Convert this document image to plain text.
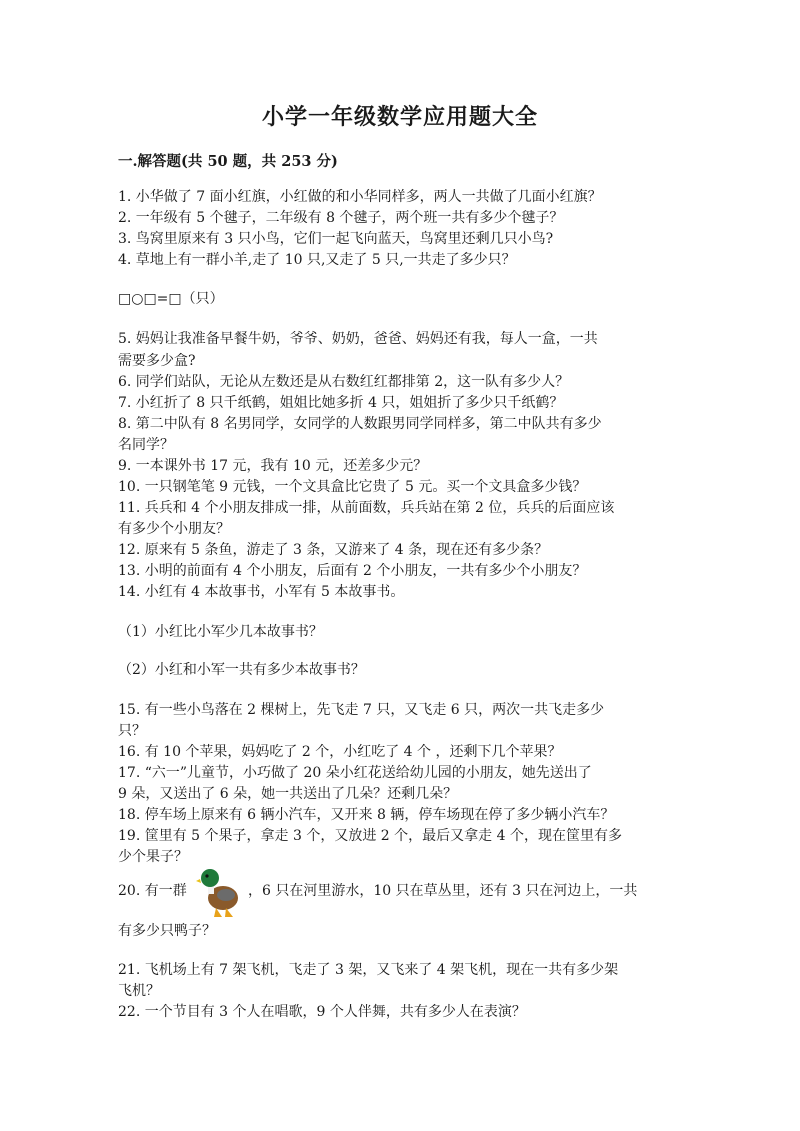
小学一年级数学应用题大全
一.解答题(共 50 题，共 253 分)
1. 小华做了 7 面小红旗，小红做的和小华同样多，两人一共做了几面小红旗？
2. 一年级有 5 个毽子，二年级有 8 个毽子，两个班一共有多少个毽子？
3. 鸟窝里原来有 3 只小鸟，它们一起飞向蓝天，鸟窝里还剩几只小鸟?
4. 草地上有一群小羊,走了 10 只,又走了 5 只,一共走了多少只？
□○□=□（只）
5. 妈妈让我准备早餐牛奶，爷爷、奶奶，爸爸、妈妈还有我，每人一盒，一共
需要多少盒?
6. 同学们站队，无论从左数还是从右数红红都排第 2，这一队有多少人？
7. 小红折了 8 只千纸鹤，姐姐比她多折 4 只，姐姐折了多少只千纸鹤？
8. 第二中队有 8 名男同学，女同学的人数跟男同学同样多，第二中队共有多少
名同学？
9. 一本课外书 17 元，我有 10 元，还差多少元？
10. 一只钢笔笔 9 元钱，一个文具盒比它贵了 5 元。买一个文具盒多少钱？
11. 兵兵和 4 个小朋友排成一排，从前面数，兵兵站在第 2 位，兵兵的后面应该
有多少个小朋友？
12. 原来有 5 条鱼，游走了 3 条，又游来了 4 条，现在还有多少条？
13. 小明的前面有 4 个小朋友，后面有 2 个小朋友，一共有多少个小朋友？
14. 小红有 4 本故事书，小军有 5 本故事书。
（1）小红比小军少几本故事书？
（2）小红和小军一共有多少本故事书？
15. 有一些小鸟落在 2 棵树上，先飞走 7 只，又飞走 6 只，两次一共飞走多少
只？
16. 有 10 个苹果，妈妈吃了 2 个，小红吃了 4 个 ，还剩下几个苹果？
17. “六一”儿童节，小巧做了 20 朵小红花送给幼儿园的小朋友，她先送出了
9 朵，又送出了 6 朵，她一共送出了几朵？还剩几朵？
18. 停车场上原来有 6 辆小汽车，又开来 8 辆，停车场现在停了多少辆小汽车？
19. 筐里有 5 个果子，拿走 3 个，又放进 2 个，最后又拿走 4 个，现在筐里有多
少个果子？
20. 有一群	，6 只在河里游水，10 只在草丛里，还有 3 只在河边上，一共
有多少只鸭子？
21. 飞机场上有 7 架飞机，飞走了 3 架，又飞来了 4 架飞机，现在一共有多少架
飞机？
22. 一个节目有 3 个人在唱歌，9 个人伴舞，共有多少人在表演？
